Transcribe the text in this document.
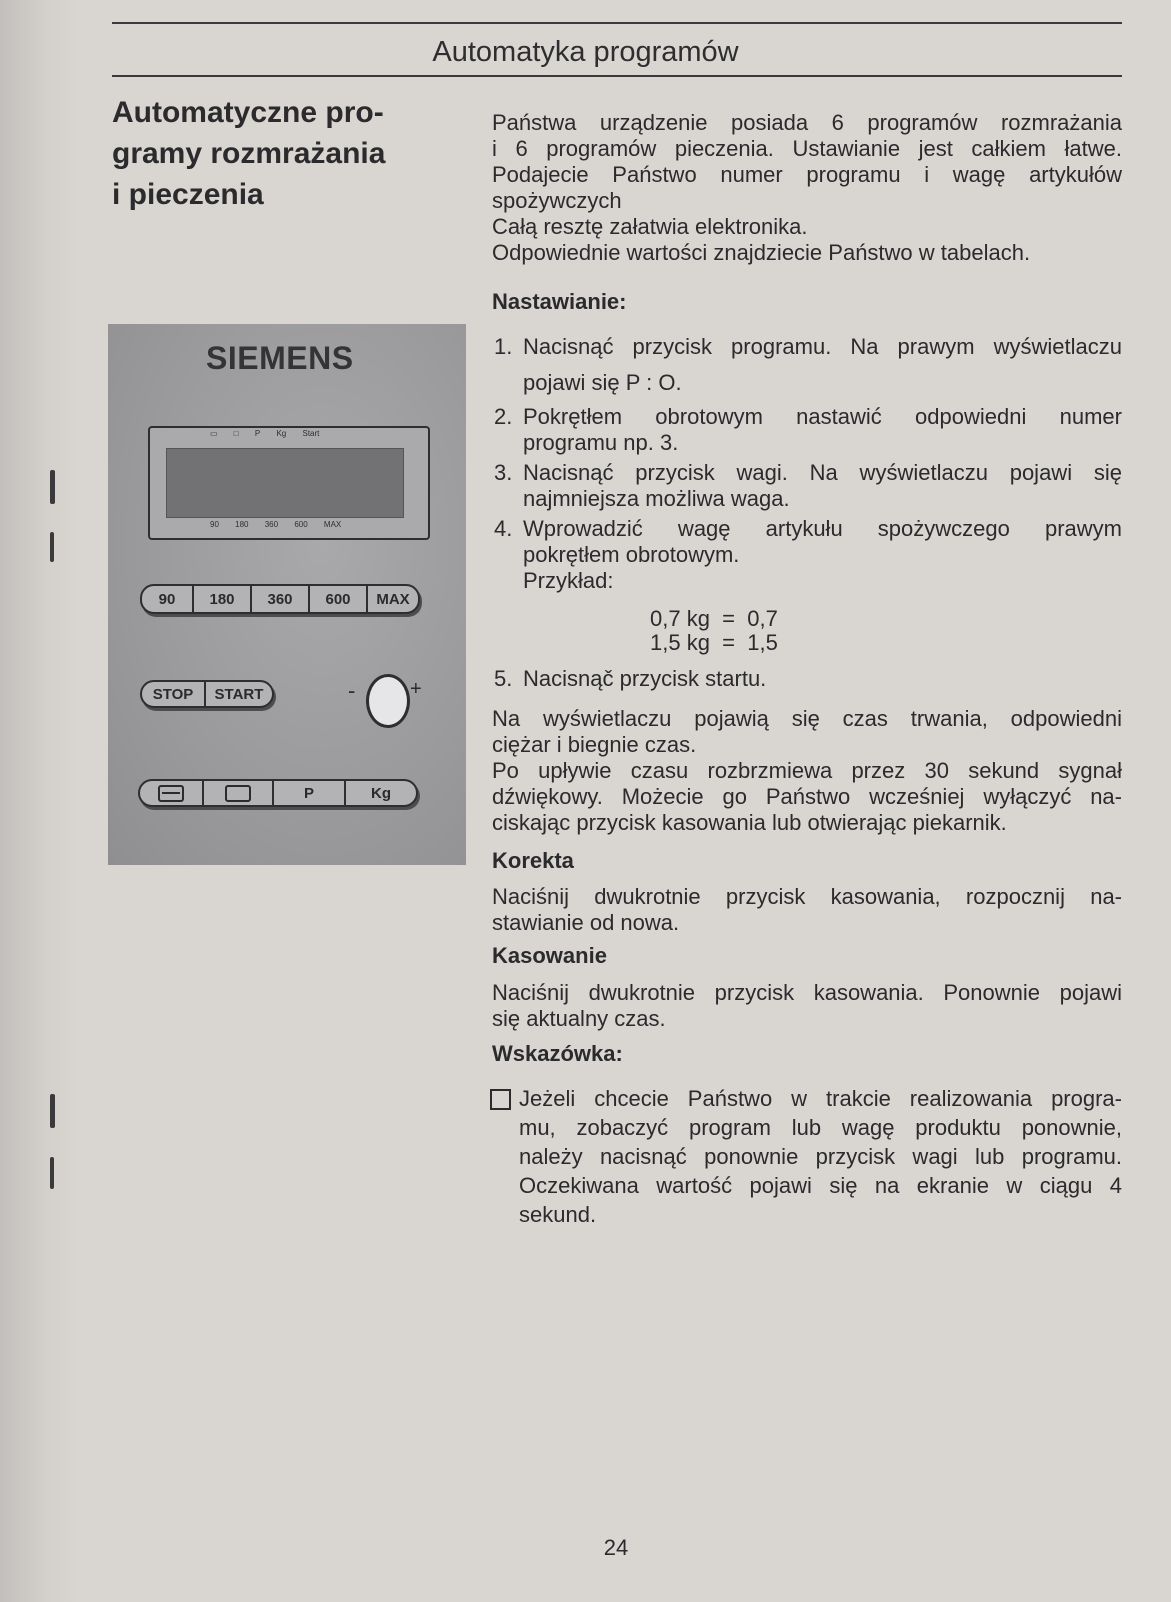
Automatyka programów
Automatyczne pro-
gramy rozmrażania
i pieczenia
SIEMENS
▭ □ P Kg Start
90 180 360 600 MAX
90	180	360	600	MAX
STOP	START	-	+
P	Kg
Państwa urządzenie posiada 6 programów rozmrażania
i 6 programów pieczenia. Ustawianie jest całkiem łatwe.
Podajecie Państwo numer programu i wagę artykułów
spożywczych
Całą resztę załatwia elektronika.
Odpowiednie wartości znajdziecie Państwo w tabelach.
Nastawianie:
1. Nacisnąć przycisk programu. Na prawym wyświetlaczu
pojawi się P : O.
2. Pokrętłem obrotowym nastawić odpowiedni numer
programu np. 3.
3. Nacisnąć przycisk wagi. Na wyświetlaczu pojawi się
najmniejsza możliwa waga.
4. Wprowadzić wagę artykułu spożywczego prawym
pokrętłem obrotowym.
Przykład:
0,7 kg  =  0,7
1,5 kg  =  1,5
5. Nacisnąč przycisk startu.
Na wyświetlaczu pojawią się czas trwania, odpowiedni
ciężar i biegnie czas.
Po upływie czasu rozbrzmiewa przez 30 sekund sygnał
dźwiękowy. Możecie go Państwo wcześniej wyłączyć na-
ciskając przycisk kasowania lub otwierając piekarnik.
Korekta
Naciśnij dwukrotnie przycisk kasowania, rozpocznij na-
stawianie od nowa.
Kasowanie
Naciśnij dwukrotnie przycisk kasowania. Ponownie pojawi
się aktualny czas.
Wskazówka:
Jeżeli chcecie Państwo w trakcie realizowania progra-
mu, zobaczyć program lub wagę produktu ponownie,
należy nacisnąć ponownie przycisk wagi lub programu.
Oczekiwana wartość pojawi się na ekranie w ciągu 4
sekund.
24
